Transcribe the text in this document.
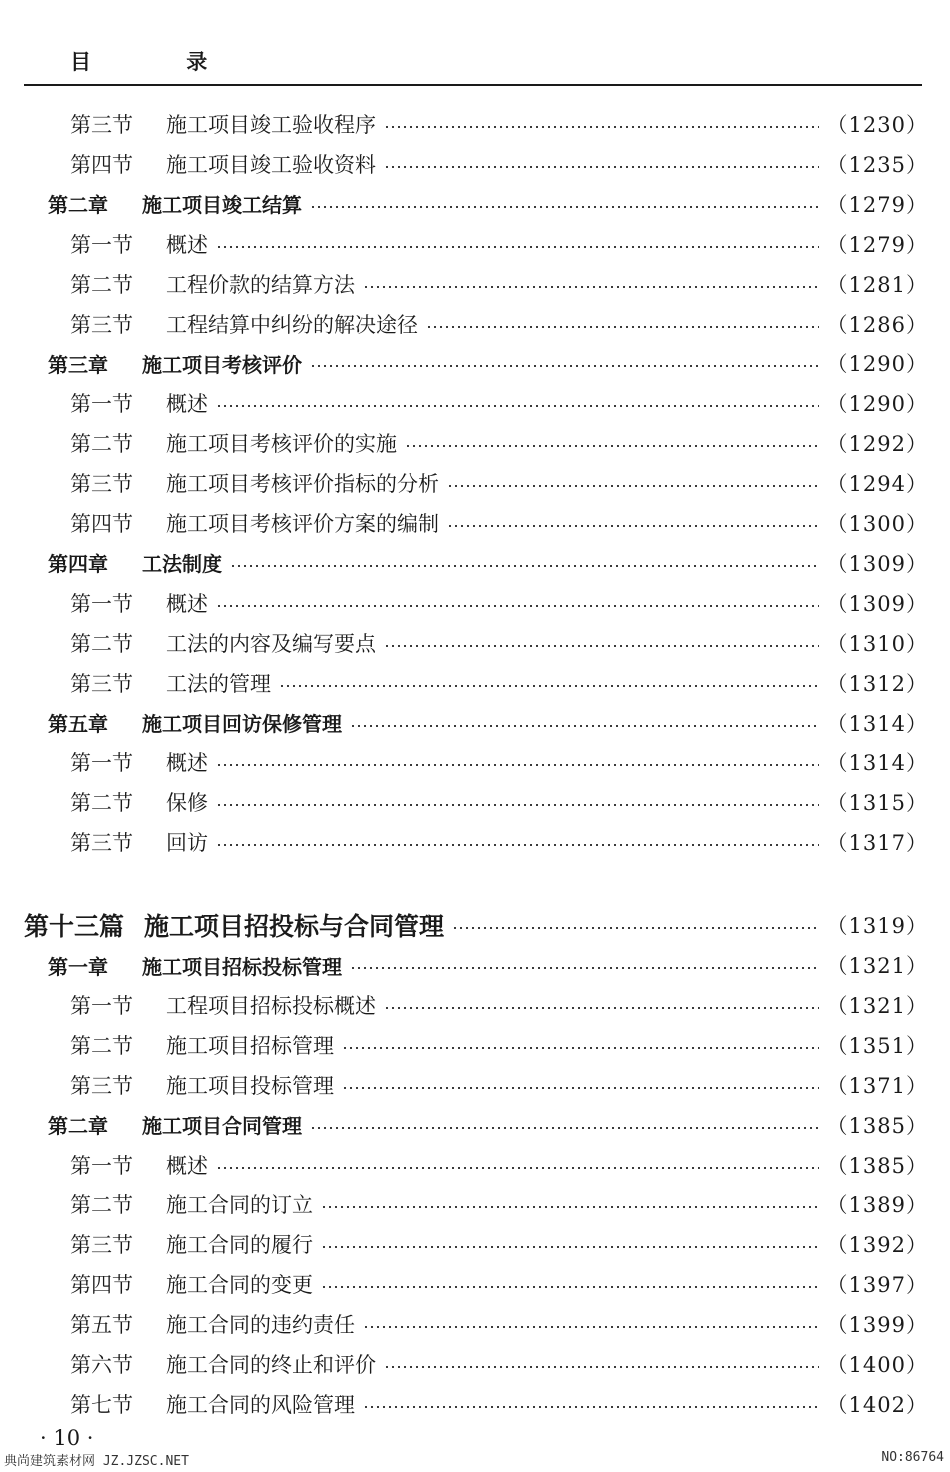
目 录
第三节	施工项目竣工验收程序	（1230）
第四节	施工项目竣工验收资料	（1235）
第二章	施工项目竣工结算	（1279）
第一节	概述	（1279）
第二节	工程价款的结算方法	（1281）
第三节	工程结算中纠纷的解决途径	（1286）
第三章	施工项目考核评价	（1290）
第一节	概述	（1290）
第二节	施工项目考核评价的实施	（1292）
第三节	施工项目考核评价指标的分析	（1294）
第四节	施工项目考核评价方案的编制	（1300）
第四章	工法制度	（1309）
第一节	概述	（1309）
第二节	工法的内容及编写要点	（1310）
第三节	工法的管理	（1312）
第五章	施工项目回访保修管理	（1314）
第一节	概述	（1314）
第二节	保修	（1315）
第三节	回访	（1317）
第十三篇 施工项目招投标与合同管理	（1319）
第一章	施工项目招标投标管理	（1321）
第一节	工程项目招标投标概述	（1321）
第二节	施工项目招标管理	（1351）
第三节	施工项目投标管理	（1371）
第二章	施工项目合同管理	（1385）
第一节	概述	（1385）
第二节	施工合同的订立	（1389）
第三节	施工合同的履行	（1392）
第四节	施工合同的变更	（1397）
第五节	施工合同的违约责任	（1399）
第六节	施工合同的终止和评价	（1400）
第七节	施工合同的风险管理	（1402）
· 10 ·
典尚建筑素材网 JZ.JZSC.NET	NO:86764
